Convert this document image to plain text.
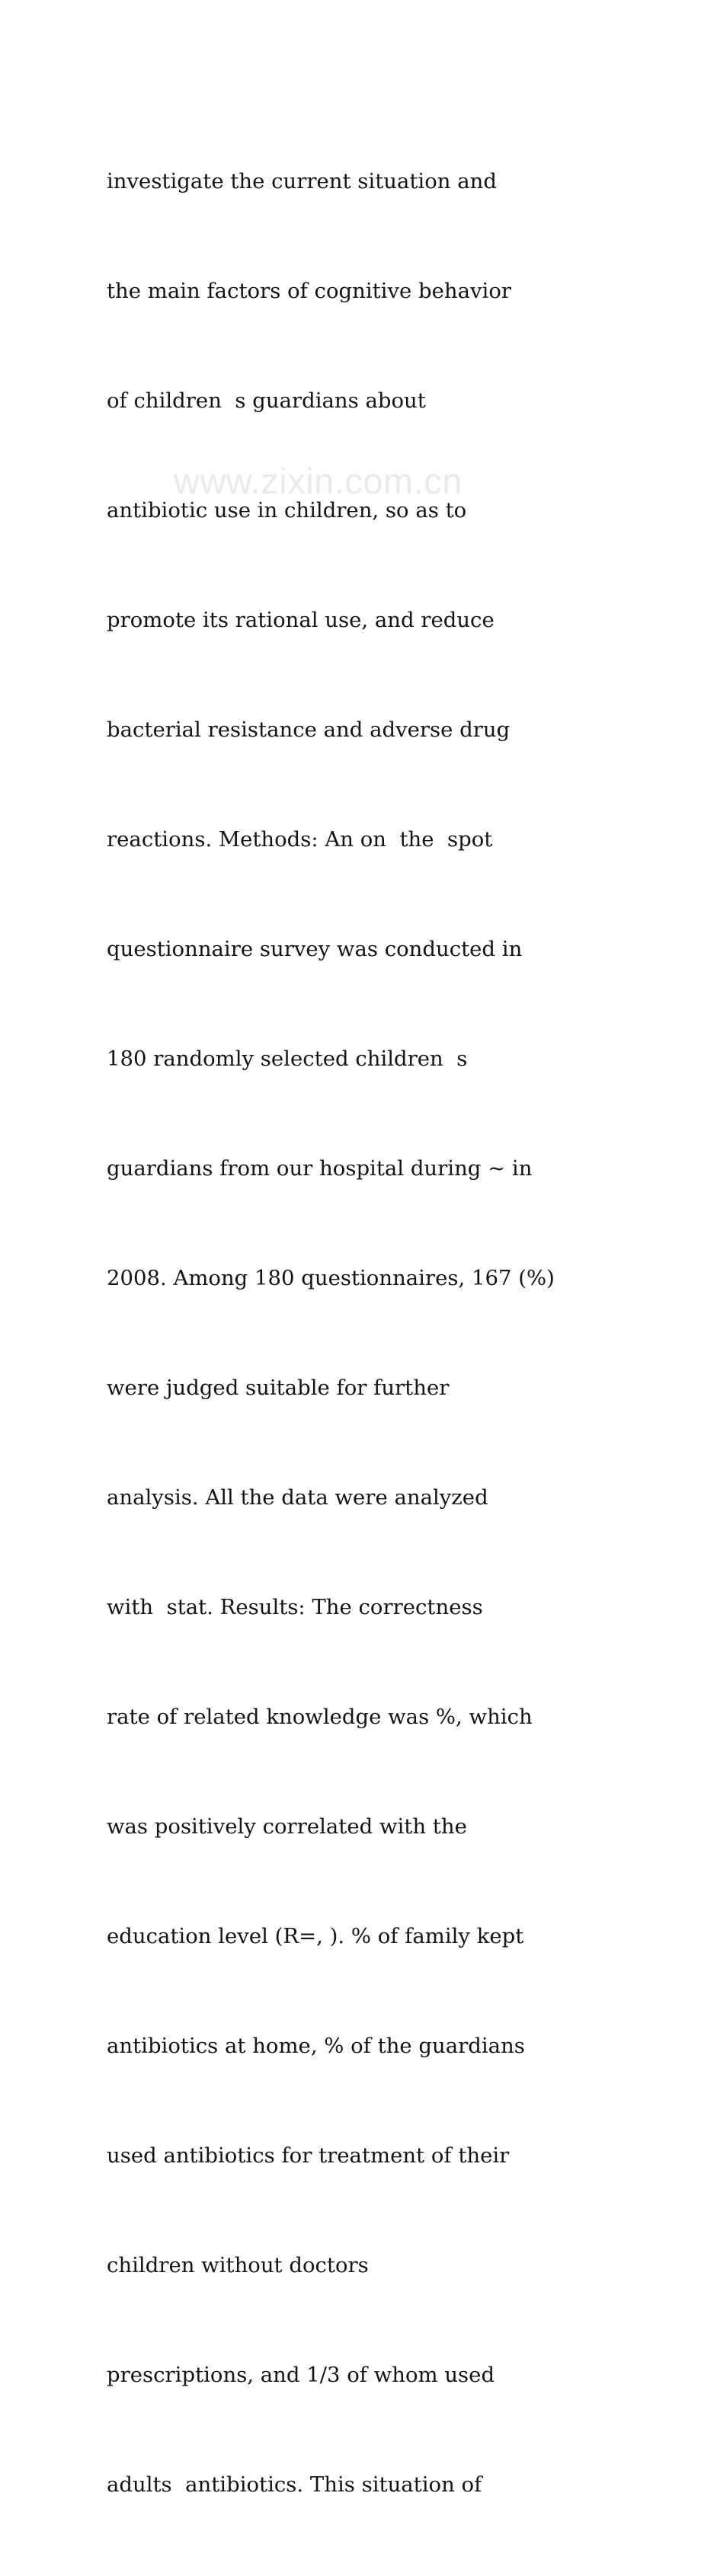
www.zixin.com.cn

investigate the current situation and

the main factors of cognitive behavior

of children  s guardians about

antibiotic use in children, so as to

promote its rational use, and reduce

bacterial resistance and adverse drug

reactions. Methods: An on  the  spot

questionnaire survey was conducted in

180 randomly selected children  s

guardians from our hospital during ~ in

2008. Among 180 questionnaires, 167 (%)

were judged suitable for further

analysis. All the data were analyzed

with  stat. Results: The correctness

rate of related knowledge was %, which

was positively correlated with the

education level (R=, ). % of family kept

antibiotics at home, % of the guardians

used antibiotics for treatment of their

children without doctors

prescriptions, and 1/3 of whom used

adults  antibiotics. This situation of
